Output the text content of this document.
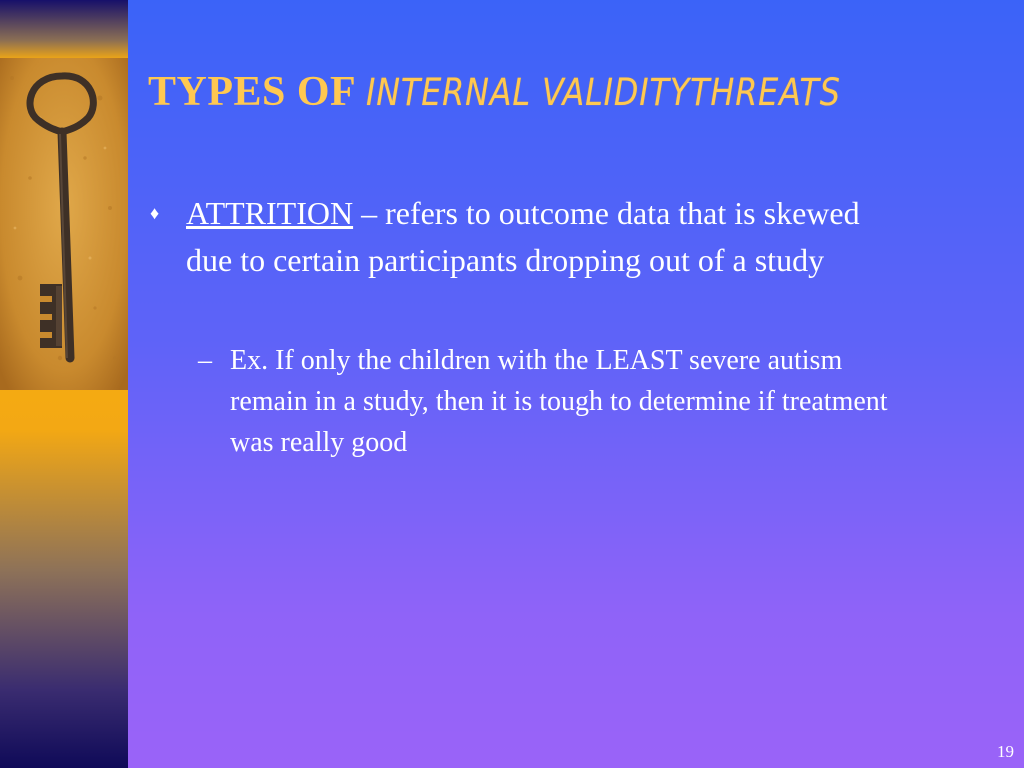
TYPES OF INTERNAL VALIDITYTHREATS
♦ ATTRITION – refers to outcome data that is skewed due to certain participants dropping out of a study
– Ex. If only the children with the LEAST severe autism remain in a study, then it is tough to determine if treatment was really good
19
